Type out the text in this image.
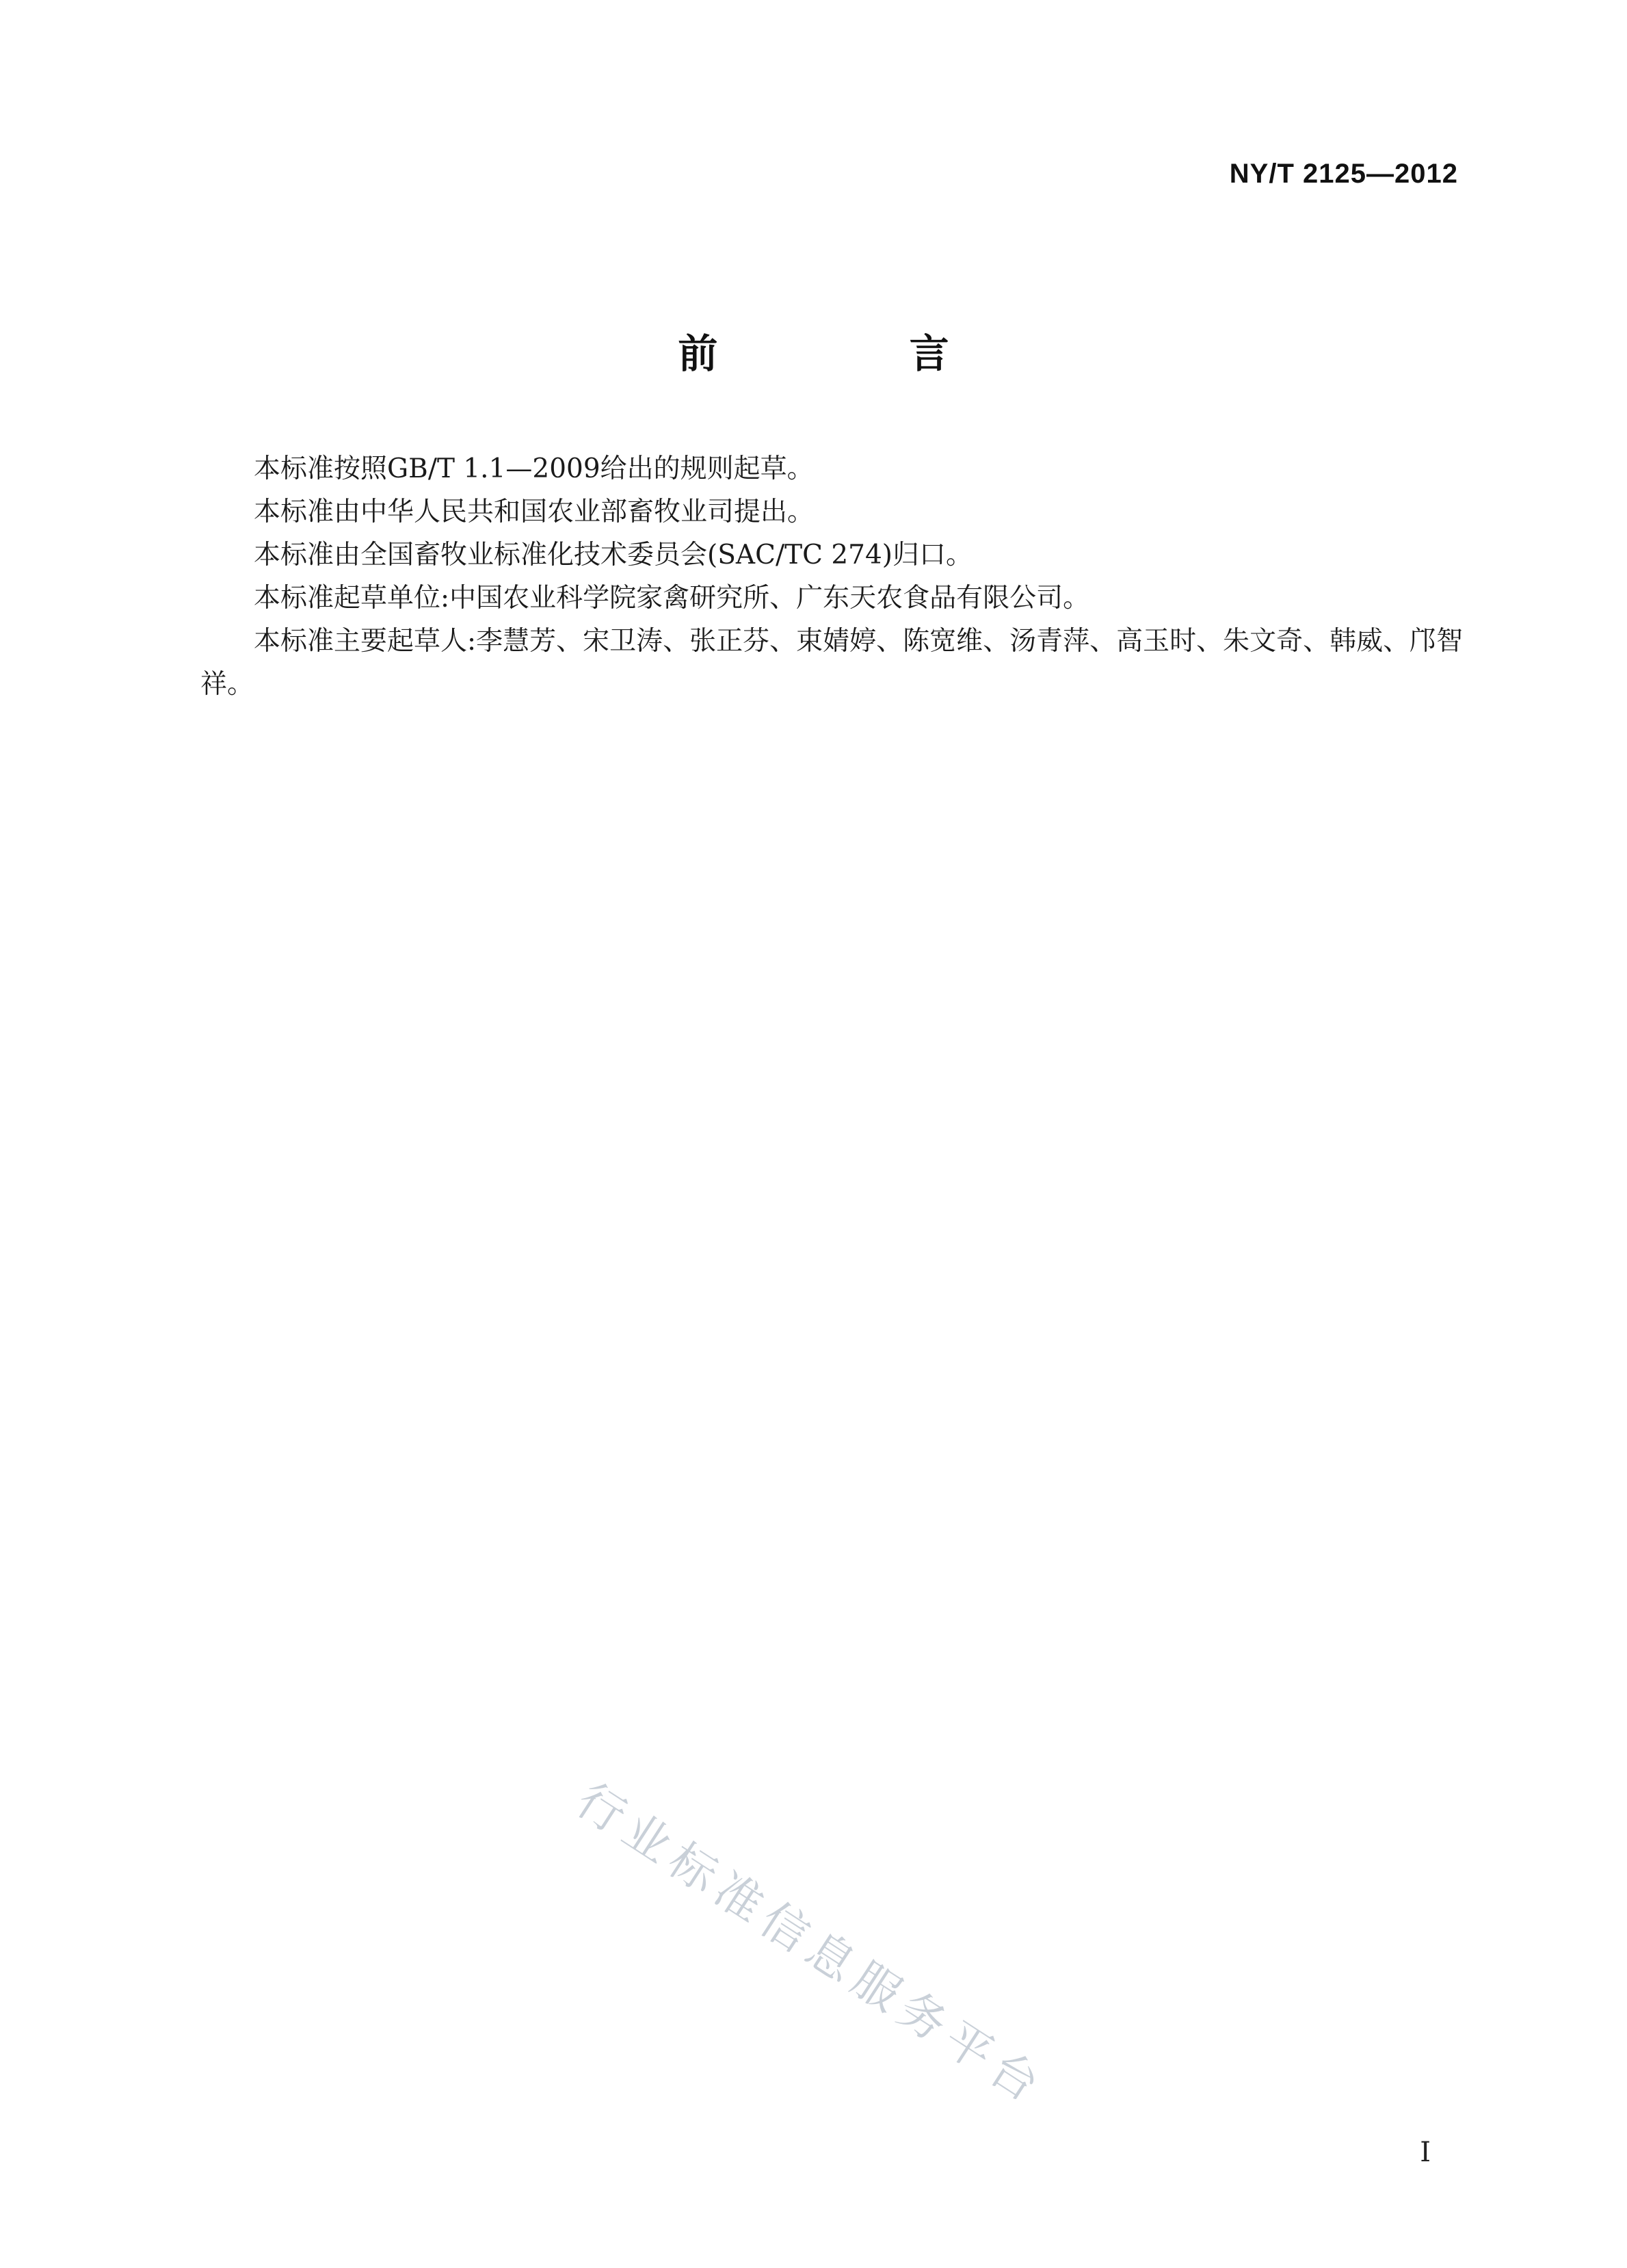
NY/T 2125—2012
前 言

本标准按照GB/T 1.1—2009给出的规则起草。

本标准由中华人民共和国农业部畜牧业司提出。

本标准由全国畜牧业标准化技术委员会(SAC/TC 274)归口。

本标准起草单位:中国农业科学院家禽研究所、广东天农食品有限公司。

本标准主要起草人:李慧芳、宋卫涛、张正芬、束婧婷、陈宽维、汤青萍、高玉时、朱文奇、韩威、邝智祥。

行业标准信息服务平台
I
